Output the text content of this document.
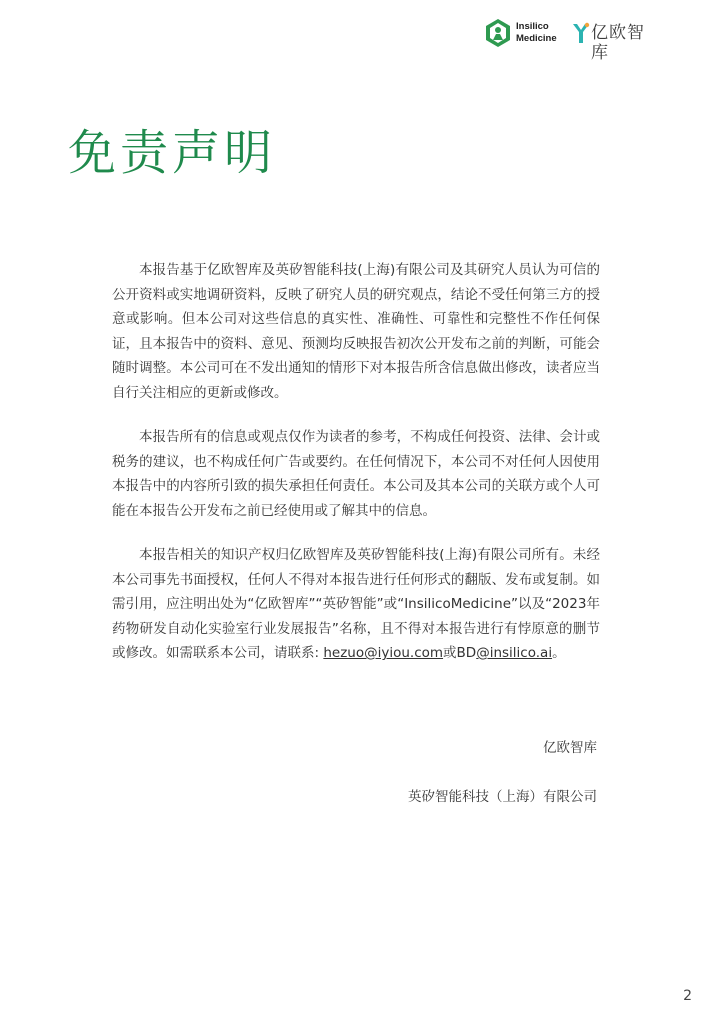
Insilico
Medicine 亿欧智库
免责声明

本报告基于亿欧智库及英矽智能科技(上海)有限公司及其研究人员认为可信的公开资料或实地调研资料，反映了研究人员的研究观点，结论不受任何第三方的授意或影响。但本公司对这些信息的真实性、准确性、可靠性和完整性不作任何保证，且本报告中的资料、意见、预测均反映报告初次公开发布之前的判断，可能会随时调整。本公司可在不发出通知的情形下对本报告所含信息做出修改，读者应当自行关注相应的更新或修改。

本报告所有的信息或观点仅作为读者的参考，不构成任何投资、法律、会计或税务的建议，也不构成任何广告或要约。在任何情况下，本公司不对任何人因使用本报告中的内容所引致的损失承担任何责任。本公司及其本公司的关联方或个人可能在本报告公开发布之前已经使用或了解其中的信息。

本报告相关的知识产权归亿欧智库及英矽智能科技(上海)有限公司所有。未经本公司事先书面授权，任何人不得对本报告进行任何形式的翻版、发布或复制。如需引用，应注明出处为“亿欧智库”“英矽智能”或“InsilicoMedicine”以及“2023年药物研发自动化实验室行业发展报告”名称，且不得对本报告进行有悖原意的删节或修改。如需联系本公司，请联系: hezuo@iyiou.com或BD@insilico.ai。

亿欧智库
英矽智能科技（上海）有限公司
2
